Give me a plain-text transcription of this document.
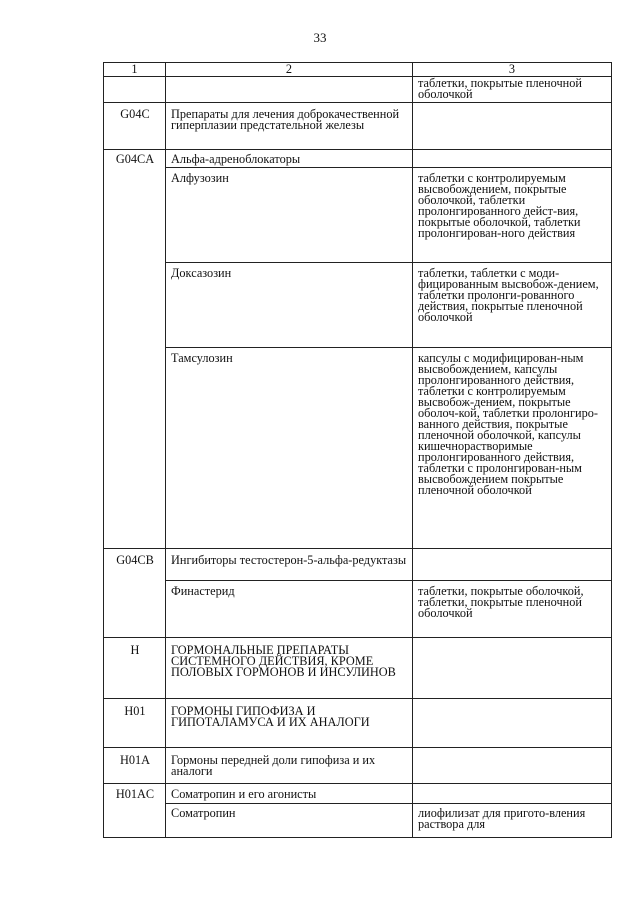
33
1	2	3
		таблетки, покрытые пленочной оболочкой
G04C	Препараты для лечения доброкачественной гиперплазии предстательной железы	
G04CA	Альфа-адреноблокаторы	
	Алфузозин	таблетки с контролируемым высвобождением, покрытые оболочкой, таблетки пролонгированного дейст-вия, покрытые оболочкой, таблетки пролонгирован-ного действия
	Доксазозин	таблетки, таблетки с моди-фицированным высвобож-дением, таблетки пролонги-рованного действия, покрытые пленочной оболочкой
	Тамсулозин	капсулы с модифицирован-ным высвобождением, капсулы пролонгированного действия, таблетки с контролируемым высвобож-дением, покрытые оболоч-кой, таблетки пролонгиро-ванного действия, покрытые пленочной оболочкой, капсулы кишечнорастворимые пролонгированного действия, таблетки с пролонгирован-ным высвобождением покрытые пленочной оболочкой
G04CB	Ингибиторы тестостерон-5-альфа-редуктазы	
	Финастерид	таблетки, покрытые оболочкой, таблетки, покрытые пленочной оболочкой
H	ГОРМОНАЛЬНЫЕ ПРЕПАРАТЫ СИСТЕМНОГО ДЕЙСТВИЯ, КРОМЕ ПОЛОВЫХ ГОРМОНОВ И ИНСУЛИНОВ	
H01	ГОРМОНЫ ГИПОФИЗА И ГИПОТАЛАМУСА И ИХ АНАЛОГИ	
H01A	Гормоны передней доли гипофиза и их аналоги	
H01AC	Соматропин и его агонисты	
	Соматропин	лиофилизат для пригото-вления раствора для
